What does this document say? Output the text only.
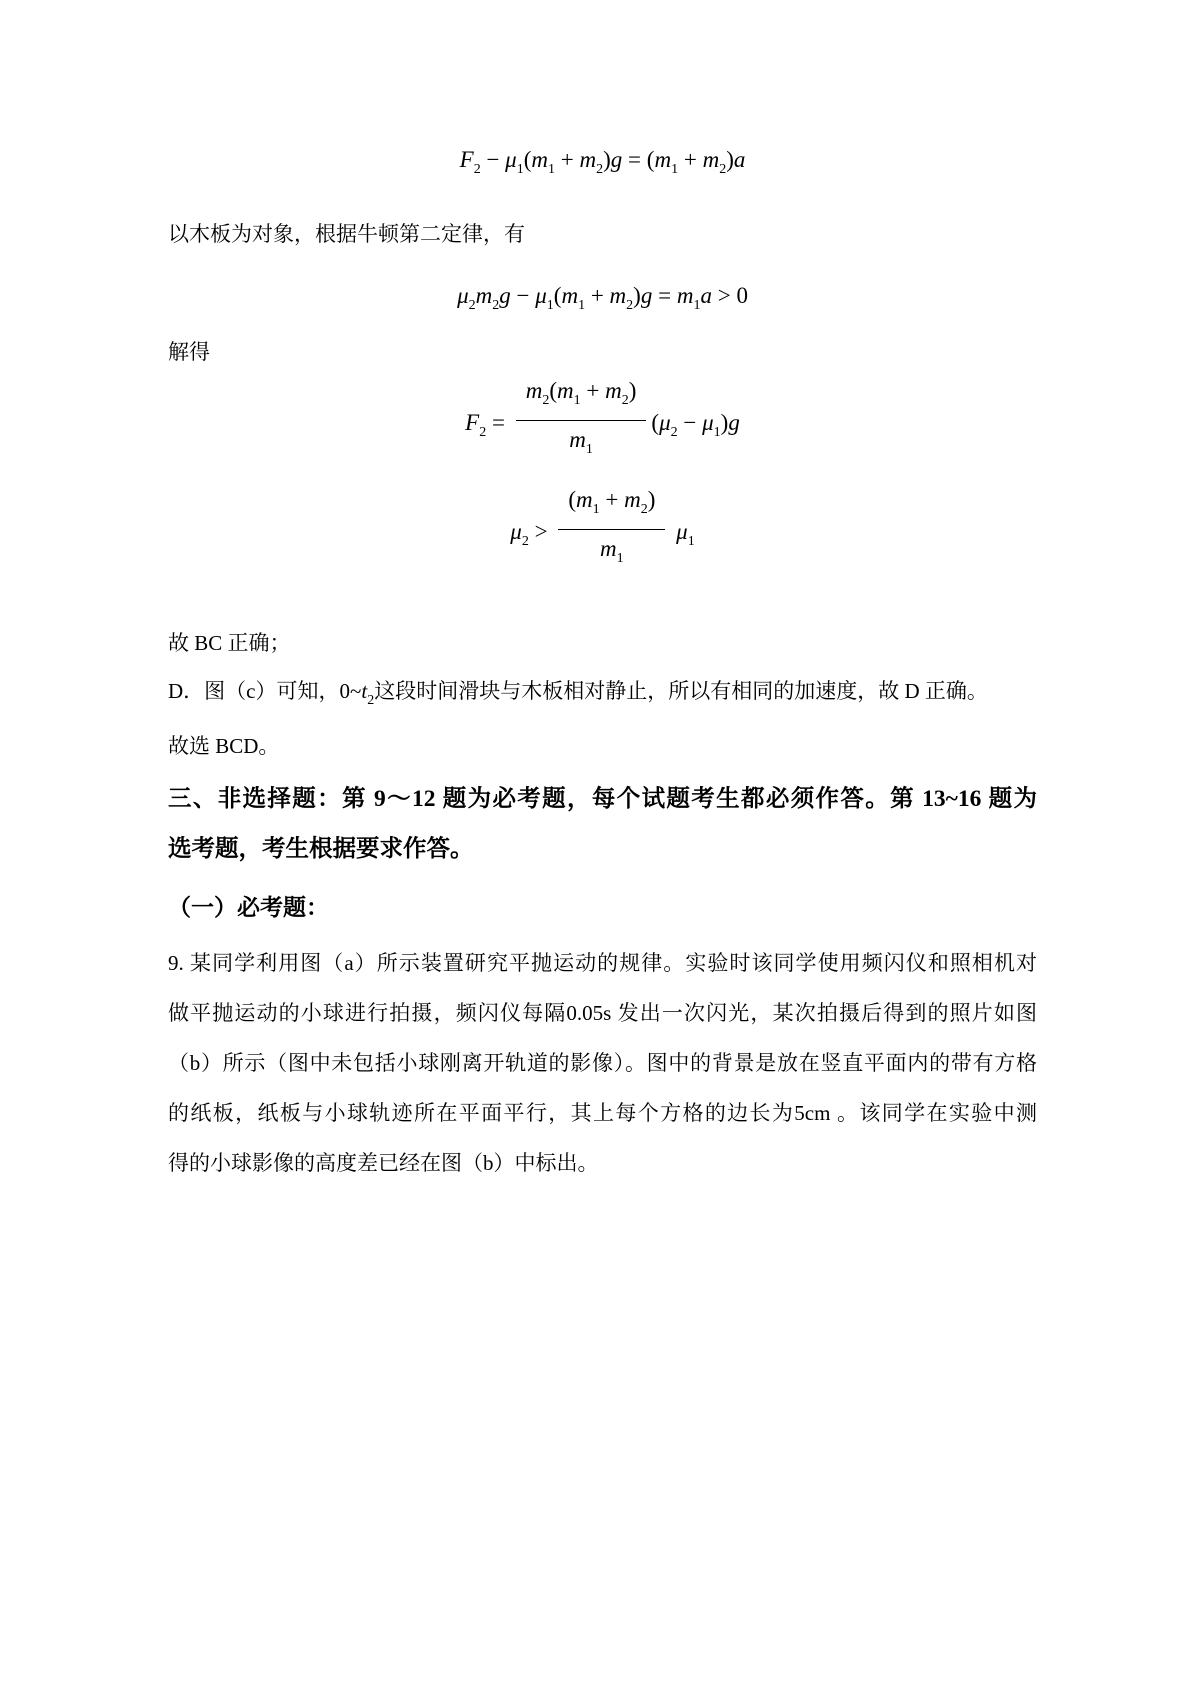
$F_2 - \mu_1(m_1 + m_2)g = (m_1 + m_2)a$

以木板为对象，根据牛顿第二定律，有

$\mu_2m_2g - \mu_1(m_1 + m_2)g = m_1a > 0$

解得

$F_2 = \frac{m_2(m_1 + m_2)}{m_1} (\mu_2 - \mu_1)g$
$\mu_2 > \frac{(m_1 + m_2)}{m_1} \mu_1$

故 BC 正确；

D．图（c）可知，$0\sim t_2$这段时间滑块与木板相对静止，所以有相同的加速度，故 D 正确。

故选 BCD。

三、非选择题：第 9～12 题为必考题，每个试题考生都必须作答。第 13~16 题为
选考题，考生根据要求作答。

（一）必考题：

9. 某同学利用图（a）所示装置研究平抛运动的规律。实验时该同学使用频闪仪和照相机对
做平抛运动的小球进行拍摄，频闪仪每隔0.05s 发出一次闪光，某次拍摄后得到的照片如图
（b）所示（图中未包括小球刚离开轨道的影像）。图中的背景是放在竖直平面内的带有方格
的纸板，纸板与小球轨迹所在平面平行，其上每个方格的边长为5cm 。该同学在实验中测
得的小球影像的高度差已经在图（b）中标出。
